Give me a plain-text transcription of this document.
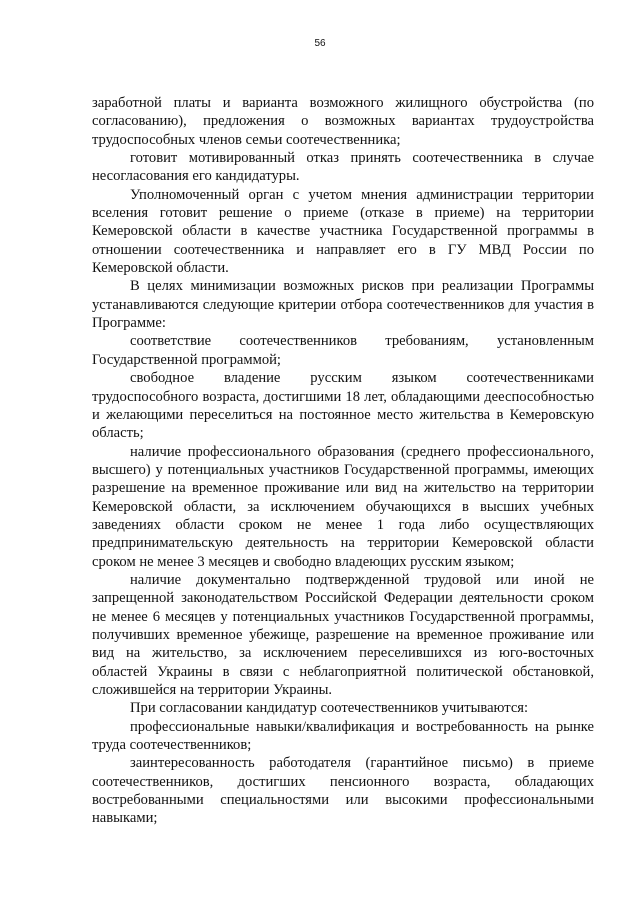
56

заработной платы и варианта возможного жилищного обустройства (по согласованию), предложения о возможных вариантах трудоустройства трудоспособных членов семьи соотечественника;

готовит мотивированный отказ принять соотечественника в случае несогласования его кандидатуры.

Уполномоченный орган с учетом мнения администрации территории вселения готовит решение о приеме (отказе в приеме) на территории Кемеровской области в качестве участника Государственной программы в отношении соотечественника и направляет его в ГУ МВД России по Кемеровской области.

В целях минимизации возможных рисков при реализации Программы устанавливаются следующие критерии отбора соотечественников для участия в Программе:

соответствие соотечественников требованиям, установленным Государственной программой;

свободное владение русским языком соотечественниками трудоспособного возраста, достигшими 18 лет, обладающими дееспособностью и желающими переселиться на постоянное место жительства в Кемеровскую область;

наличие профессионального образования (среднего профессионального, высшего) у потенциальных участников Государственной программы, имеющих разрешение на временное проживание или вид на жительство на территории Кемеровской области, за исключением обучающихся в высших учебных заведениях области сроком не менее 1 года либо осуществляющих предпринимательскую деятельность на территории Кемеровской области сроком не менее 3 месяцев и свободно владеющих русским языком;

наличие документально подтвержденной трудовой или иной не запрещенной законодательством Российской Федерации деятельности сроком не менее 6 месяцев у потенциальных участников Государственной программы, получивших временное убежище, разрешение на временное проживание или вид на жительство, за исключением переселившихся из юго-восточных областей Украины в связи с неблагоприятной политической обстановкой, сложившейся на территории Украины.

При согласовании кандидатур соотечественников учитываются:

профессиональные навыки/квалификация и востребованность на рынке труда соотечественников;

заинтересованность работодателя (гарантийное письмо) в приеме соотечественников, достигших пенсионного возраста, обладающих востребованными специальностями или высокими профессиональными навыками;
